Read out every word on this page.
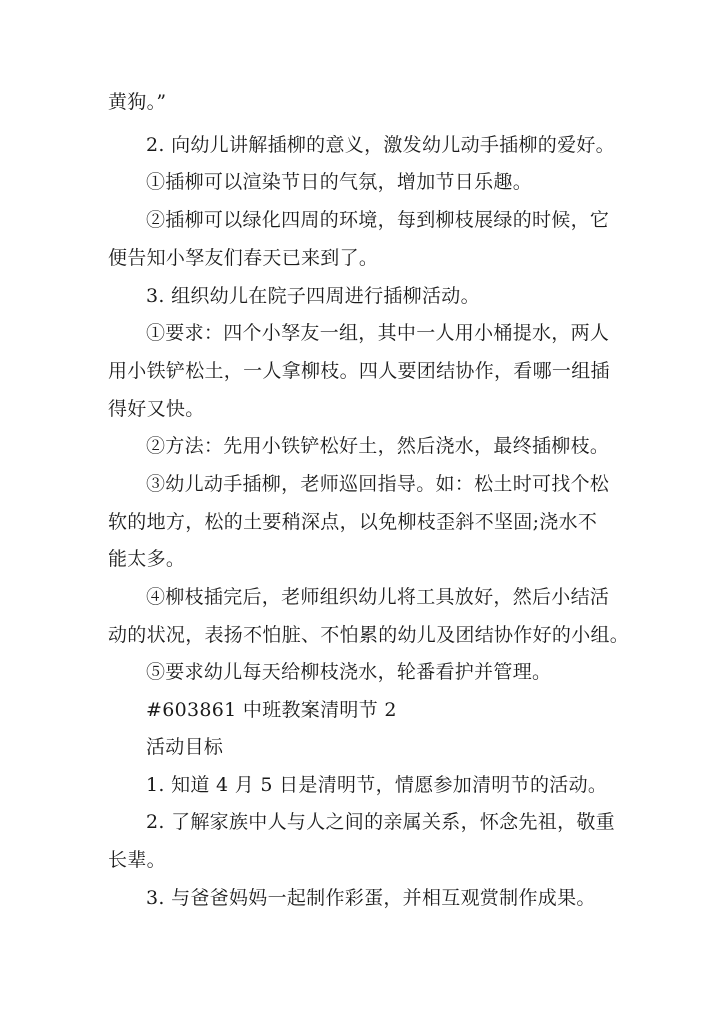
黄狗。”
2. 向幼儿讲解插柳的意义，激发幼儿动手插柳的爱好。
①插柳可以渲染节日的气氛，增加节日乐趣。
②插柳可以绿化四周的环境，每到柳枝展绿的时候，它
便告知小孥友们春天已来到了。
3. 组织幼儿在院子四周进行插柳活动。
①要求：四个小孥友一组，其中一人用小桶提水，两人
用小铁铲松土，一人拿柳枝。四人要团结协作，看哪一组插
得好又快。
②方法：先用小铁铲松好土，然后浇水，最终插柳枝。
③幼儿动手插柳，老师巡回指导。如：松土时可找个松
软的地方，松的土要稍深点，以免柳枝歪斜不坚固;浇水不
能太多。
④柳枝插完后，老师组织幼儿将工具放好，然后小结活
动的状况，表扬不怕脏、不怕累的幼儿及团结协作好的小组。
⑤要求幼儿每天给柳枝浇水，轮番看护并管理。
#603861 中班教案清明节 2
活动目标
1. 知道 4 月 5 日是清明节，情愿参加清明节的活动。
2. 了解家族中人与人之间的亲属关系，怀念先祖，敬重
长辈。
3. 与爸爸妈妈一起制作彩蛋，并相互观赏制作成果。
